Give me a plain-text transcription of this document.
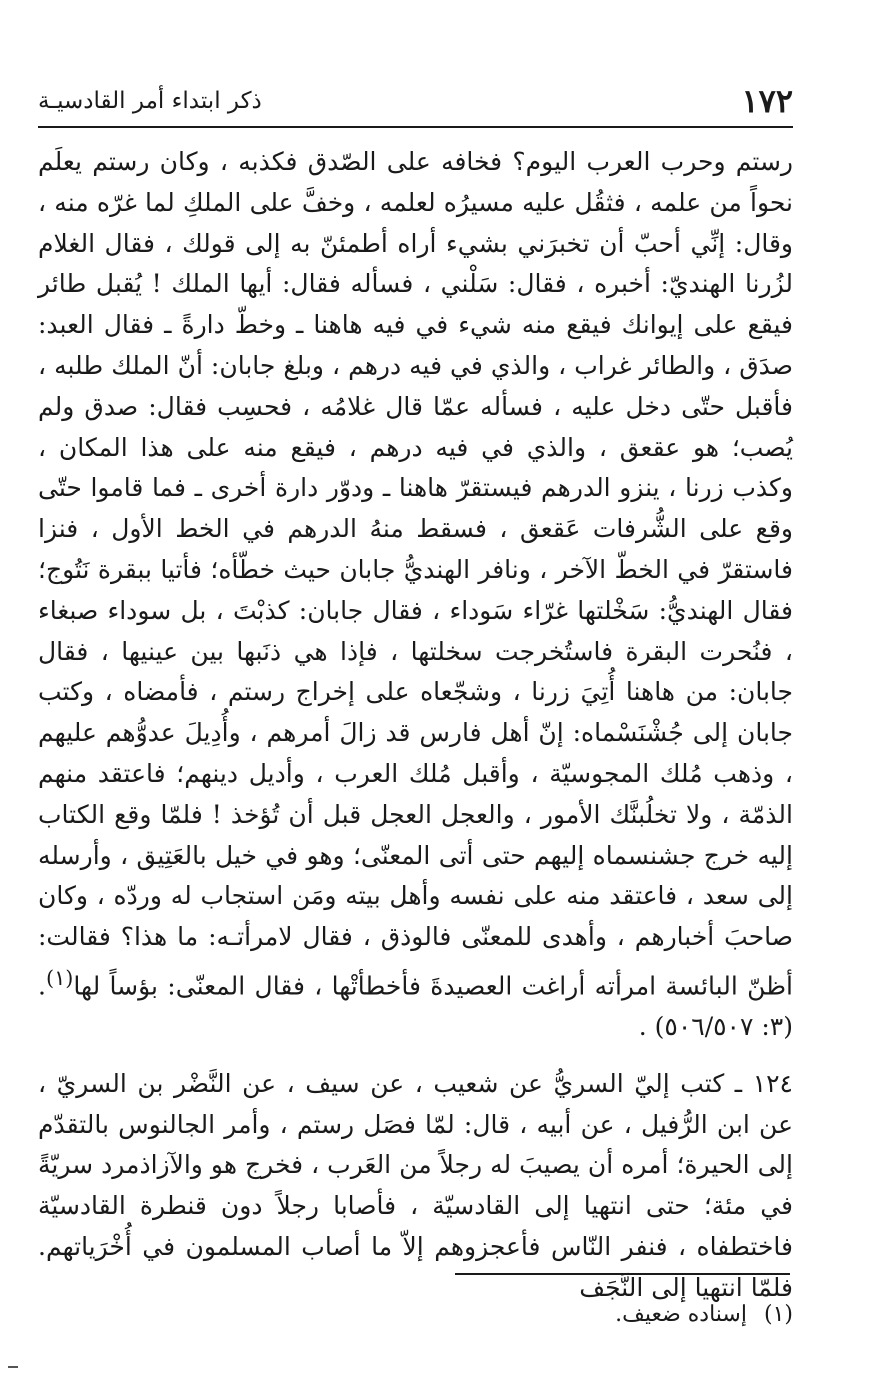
١٧٢
ذكر ابتداء أمر القادسيـة

رستم وحرب العرب اليوم؟ فخافه على الصّدق فكذبه ، وكان رستم يعلَم نحواً من علمه ، فثقُل عليه مسيرُه لعلمه ، وخفَّ على الملكِ لما غرّه منه ، وقال: إنِّي أحبّ أن تخبرَني بشيء أراه أطمئنّ به إلى قولك ، فقال الغلام لزُرنا الهنديّ: أخبره ، فقال: سَلْني ، فسأله فقال: أيها الملك ! يُقبل طائر فيقع على إيوانك فيقع منه شيء في فيه هاهنا ـ وخطّ دارةً ـ فقال العبد: صدَق ، والطائر غراب ، والذي في فيه درهم ، وبلغ جابان: أنّ الملك طلبه ، فأقبل حتّى دخل عليه ، فسأله عمّا قال غلامُه ، فحسِب فقال: صدق ولم يُصب؛ هو عقعق ، والذي في فيه درهم ، فيقع منه على هذا المكان ، وكذب زرنا ، ينزو الدرهم فيستقرّ هاهنا ـ ودوّر دارة أخرى ـ فما قاموا حتّى وقع على الشُّرفات عَقعق ، فسقط منهُ الدرهم في الخط الأول ، فنزا فاستقرّ في الخطّ الآخر ، ونافر الهنديُّ جابان حيث خطّأه؛ فأتيا ببقرة نَتُوج؛ فقال الهنديُّ: سَخْلتها غرّاء سَوداء ، فقال جابان: كذبْتَ ، بل سوداء صبغاء ، فنُحرت البقرة فاستُخرجت سخلتها ، فإذا هي ذنَبها بين عينيها ، فقال جابان: من هاهنا أُتِيَ زرنا ، وشجّعاه على إخراج رستم ، فأمضاه ، وكتب جابان إلى جُشْنَسْماه: إنّ أهل فارس قد زالَ أمرهم ، وأُدِيلَ عدوُّهم عليهم ، وذهب مُلك المجوسيّة ، وأقبل مُلك العرب ، وأديل دينهم؛ فاعتقد منهم الذمّة ، ولا تخلُبنَّك الأمور ، والعجل العجل قبل أن تُؤخذ ! فلمّا وقع الكتاب إليه خرج جشنسماه إليهم حتى أتى المعنّى؛ وهو في خيل بالعَتِيق ، وأرسله إلى سعد ، فاعتقد منه على نفسه وأهل بيته ومَن استجاب له وردّه ، وكان صاحبَ أخبارهم ، وأهدى للمعنّى فالوذق ، فقال لامرأتـه: ما هذا؟ فقالت: أظنّ البائسة امرأته أراغت العصيدةَ فأخطأتْها ، فقال المعنّى: بؤساً لها$^{(١)}$. (٣: ٥٠٦/٥٠٧) .

١٢٤ ـ كتب إليّ السريُّ عن شعيب ، عن سيف ، عن النَّضْر بن السريّ ، عن ابن الرُّفيل ، عن أبيه ، قال: لمّا فصَل رستم ، وأمر الجالنوس بالتقدّم إلى الحيرة؛ أمره أن يصيبَ له رجلاً من العَرب ، فخرج هو والآزاذمرد سريّةً في مئة؛ حتى انتهيا إلى القادسيّة ، فأصابا رجلاً دون قنطرة القادسيّة فاختطفاه ، فنفر النّاس فأعجزوهم إلاّ ما أصاب المسلمون في أُخْرَياتهم. فلمّا انتهيا إلى النَّجَف

(١) إسناده ضعيف.
